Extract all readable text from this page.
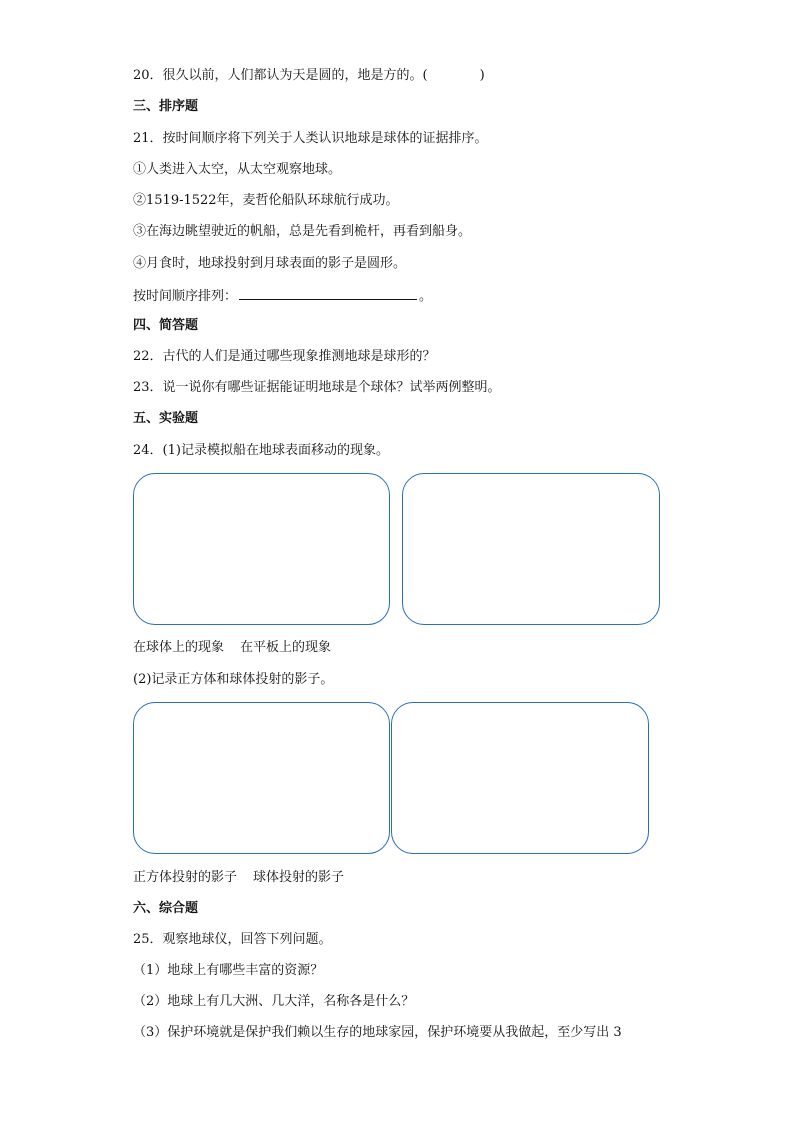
20．很久以前，人们都认为天是圆的，地是方的。(	)
三、排序题
21．按时间顺序将下列关于人类认识地球是球体的证据排序。
①人类进入太空，从太空观察地球。
②1519-1522年，麦哲伦船队环球航行成功。
③在海边眺望驶近的帆船，总是先看到桅杆，再看到船身。
④月食时，地球投射到月球表面的影子是圆形。
按时间顺序排列：	。
四、简答题
22．古代的人们是通过哪些现象推测地球是球形的？
23．说一说你有哪些证据能证明地球是个球体？试举两例整明。
五、实验题
24．(1)记录模拟船在地球表面移动的现象。
在球体上的现象 在平板上的现象
(2)记录正方体和球体投射的影子。
正方体投射的影子 球体投射的影子
六、综合题
25．观察地球仪，回答下列问题。
（1）地球上有哪些丰富的资源？
（2）地球上有几大洲、几大洋，名称各是什么？
（3）保护环境就是保护我们赖以生存的地球家园，保护环境要从我做起，至少写出 3
